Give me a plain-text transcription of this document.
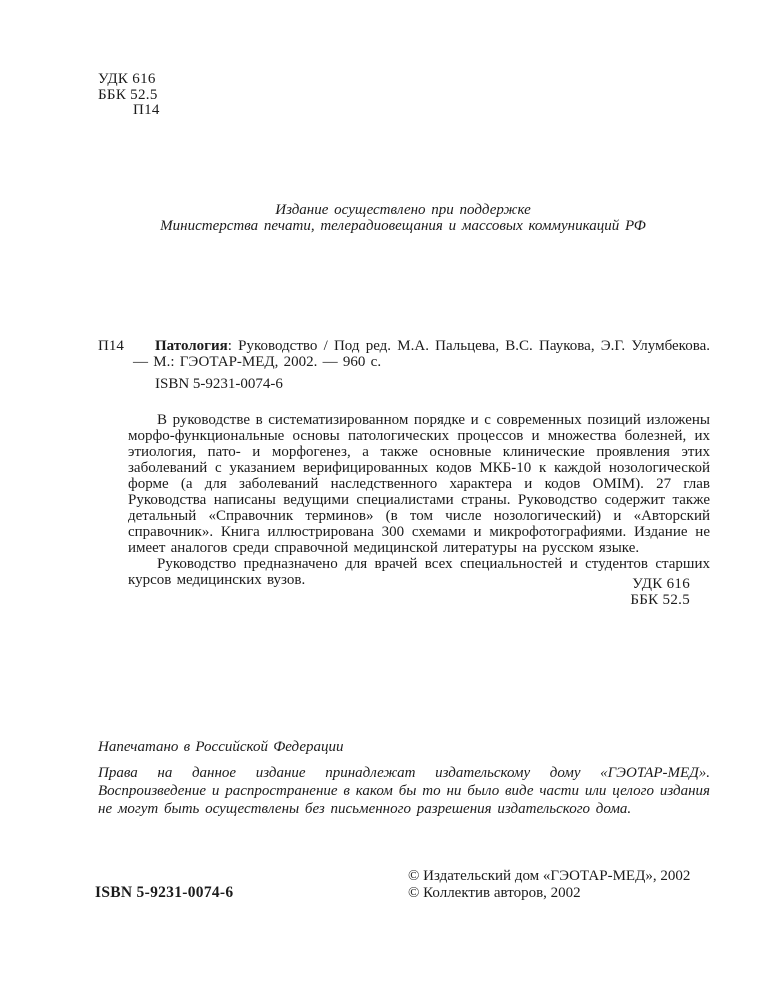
УДК 616
ББК 52.5
П14
Издание осуществлено при поддержке
Министерства печати, телерадиовещания и массовых коммуникаций РФ
П14	Патология: Руководство / Под ред. М.А. Пальцева, В.С. Паукова, Э.Г. Улумбекова. — М.: ГЭОТАР-МЕД, 2002. — 960 с.

ISBN 5-9231-0074-6

В руководстве в систематизированном порядке и с современных позиций изложены морфо-функциональные основы патологических процессов и множества болезней, их этиология, пато- и морфогенез, а также основные клинические проявления этих заболеваний с указанием верифицированных кодов МКБ-10 к каждой нозологической форме (а для заболеваний наследственного характера и кодов OMIM). 27 глав Руководства написаны ведущими специалистами страны. Руководство содержит также детальный «Справочник терминов» (в том числе нозологический) и «Авторский справочник». Книга иллюстрирована 300 схемами и микрофотографиями. Издание не имеет аналогов среди справочной медицинской литературы на русском языке.

Руководство предназначено для врачей всех специальностей и студентов старших курсов медицинских вузов.	УДК 616
ББК 52.5
Напечатано в Российской Федерации

Права на данное издание принадлежат издательскому дому «ГЭОТАР-МЕД». Воспроизведение и распространение в каком бы то ни было виде части или целого издания не могут быть осуществлены без письменного разрешения издательского дома.

ISBN 5-9231-0074-6
© Издательский дом «ГЭОТАР-МЕД», 2002
© Коллектив авторов, 2002
